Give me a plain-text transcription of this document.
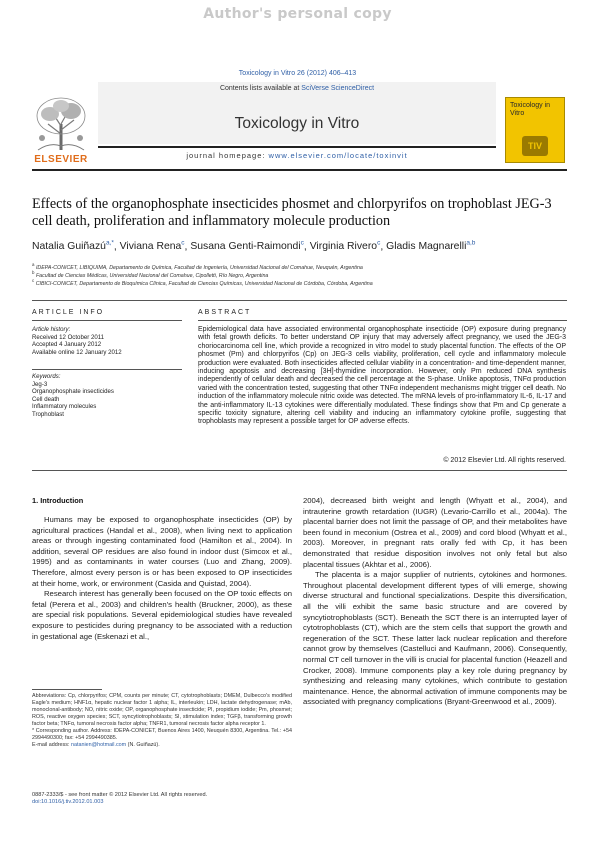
Author's personal copy
Toxicology in Vitro 26 (2012) 406–413
Contents lists available at SciVerse ScienceDirect
Toxicology in Vitro
journal homepage: www.elsevier.com/locate/toxinvit
ELSEVIER
Toxicology in Vitro
TIV
Effects of the organophosphate insecticides phosmet and chlorpyrifos on trophoblast JEG-3 cell death, proliferation and inflammatory molecule production
Natalia Guiñazú$^{a,*}$, Viviana Rena$^c$, Susana Genti-Raimondi$^c$, Virginia Rivero$^c$, Gladis Magnarelli$^{a,b}$
$^a$ IDEPA-CONICET, LIBIQUIMA, Departamento de Química, Facultad de Ingeniería, Universidad Nacional del Comahue, Neuquén, Argentina
$^b$ Facultad de Ciencias Médicas, Universidad Nacional del Comahue, Cipolletti, Río Negro, Argentina
$^c$ CIBICI-CONICET, Departamento de Bioquímica Clínica, Facultad de Ciencias Químicas, Universidad Nacional de Córdoba, Córdoba, Argentina
ARTICLE INFO
Article history:
Received 12 October 2011
Accepted 4 January 2012
Available online 12 January 2012
Keywords:
Jeg-3
Organophosphate insecticides
Cell death
Inflammatory molecules
Trophoblast
ABSTRACT
Epidemiological data have associated environmental organophosphate insecticide (OP) exposure during pregnancy with fetal growth deficits. To better understand OP injury that may adversely affect pregnancy, we used the JEG-3 choriocarcinoma cell line, which provide a recognized in vitro model to study placental function. The effects of the OP phosmet (Pm) and chlorpyrifos (Cp) on JEG-3 cells viability, proliferation, cell cycle and inflammatory molecule production were evaluated. Both insecticides affected cellular viability in a concentration- and time-dependent manner, inducing apoptosis and decreasing [3H]-thymidine incorporation. However, only Pm reduced DNA synthesis independently of cellular death and decreased the cell percentage at the S-phase. Unlike apoptosis, TNFα production varied with the concentration tested, suggesting that other TNFα independent mechanisms might trigger cell death. No induction of the inflammatory molecule nitric oxide was detected. The mRNA levels of pro-inflammatory IL-6, IL-17 and the anti-inflammatory IL-13 cytokines were differentially modulated. These findings show that Pm and Cp generate a specific toxicity signature, altering cell viability and inducing an inflammatory cytokine profile, suggesting that trophoblasts may represent a possible target for OP adverse effects.
© 2012 Elsevier Ltd. All rights reserved.
1. Introduction

Humans may be exposed to organophosphate insecticides (OP) by agricultural practices (Handal et al., 2008), when living next to application areas or through ingesting contaminated food (Hamilton et al., 2004). In addition, several OP residues are also found in indoor dust (Simcox et al., 1995) and as contaminants in water courses (Luo and Zhang, 2009). Therefore, almost every person is or has been exposed to OP insecticides at their home, work, or environment (Casida and Quistad, 2004).

Research interest has generally been focused on the OP toxic effects on fetal (Perera et al., 2003) and children's health (Bruckner, 2000), as these are special risk populations. Several epidemiological studies have revealed exposure to pesticides during pregnancy to be associated with a reduction in gestational age (Eskenazi et al.,

Abbreviations: Cp, chlorpyrifos; CPM, counts per minute; CT, cytotrophoblasts; DMEM, Dulbecco's modified Eagle's medium; HNF1α, hepatic nuclear factor 1 alpha; IL, interleukin; LDH, lactate dehydrogenase; mAb, monoclonal-antibody; NO, nitric oxide; OP, organophosphate insecticide; PI, propidium iodide; Pm, phosmet; ROS, reactive oxygen species; SCT, syncytiotrophoblasts; SI, stimulation index; TGFβ, transforming growth factor beta; TNFα, tumoral necrosis factor alpha; TNFR1, tumoral necrosis factor alpha receptor 1.

* Corresponding author. Address: IDEPA-CONICET, Buenos Aires 1400, Neuquén 8300, Argentina. Tel.: +54 2994490300; fax: +54 2994490385.

E-mail address: natanien@hotmail.com (N. Guiñazú).

0887-2333/$ - see front matter © 2012 Elsevier Ltd. All rights reserved.
doi:10.1016/j.tiv.2012.01.003

2004), decreased birth weight and length (Whyatt et al., 2004), and intrauterine growth retardation (IUGR) (Levario-Carrillo et al., 2004a). The placental barrier does not limit the passage of OP, and their metabolites have been found in meconium (Ostrea et al., 2009) and cord blood (Whyatt et al., 2003). Moreover, in pregnant rats orally fed with Cp, it has been demonstrated that residue disposition involves not only fetal but also placental tissues (Akhtar et al., 2006).

The placenta is a major supplier of nutrients, cytokines and hormones. Throughout placental development different types of villi emerge, showing diverse structural and functional specializations. Despite this diversification, all the villi exhibit the same basic structure and are covered by syncytiotrophoblasts (SCT). Beneath the SCT there is an interrupted layer of cytotrophoblasts (CT), which are the stem cells that support the growth and regeneration of the SCT. These latter lack nuclear replication and therefore cannot grow by themselves (Castelluci and Kaufmann, 2006). Consequently, normal CT cell turnover in the villi is crucial for placental function (Heazell and Crocker, 2008). Immune components play a key role during pregnancy by synthesizing and releasing many cytokines, which contribute to gestation maintenance. Hence, the abnormal activation of immune components may be associated with pregnancy complications (Bryant-Greenwood et al., 2009).
